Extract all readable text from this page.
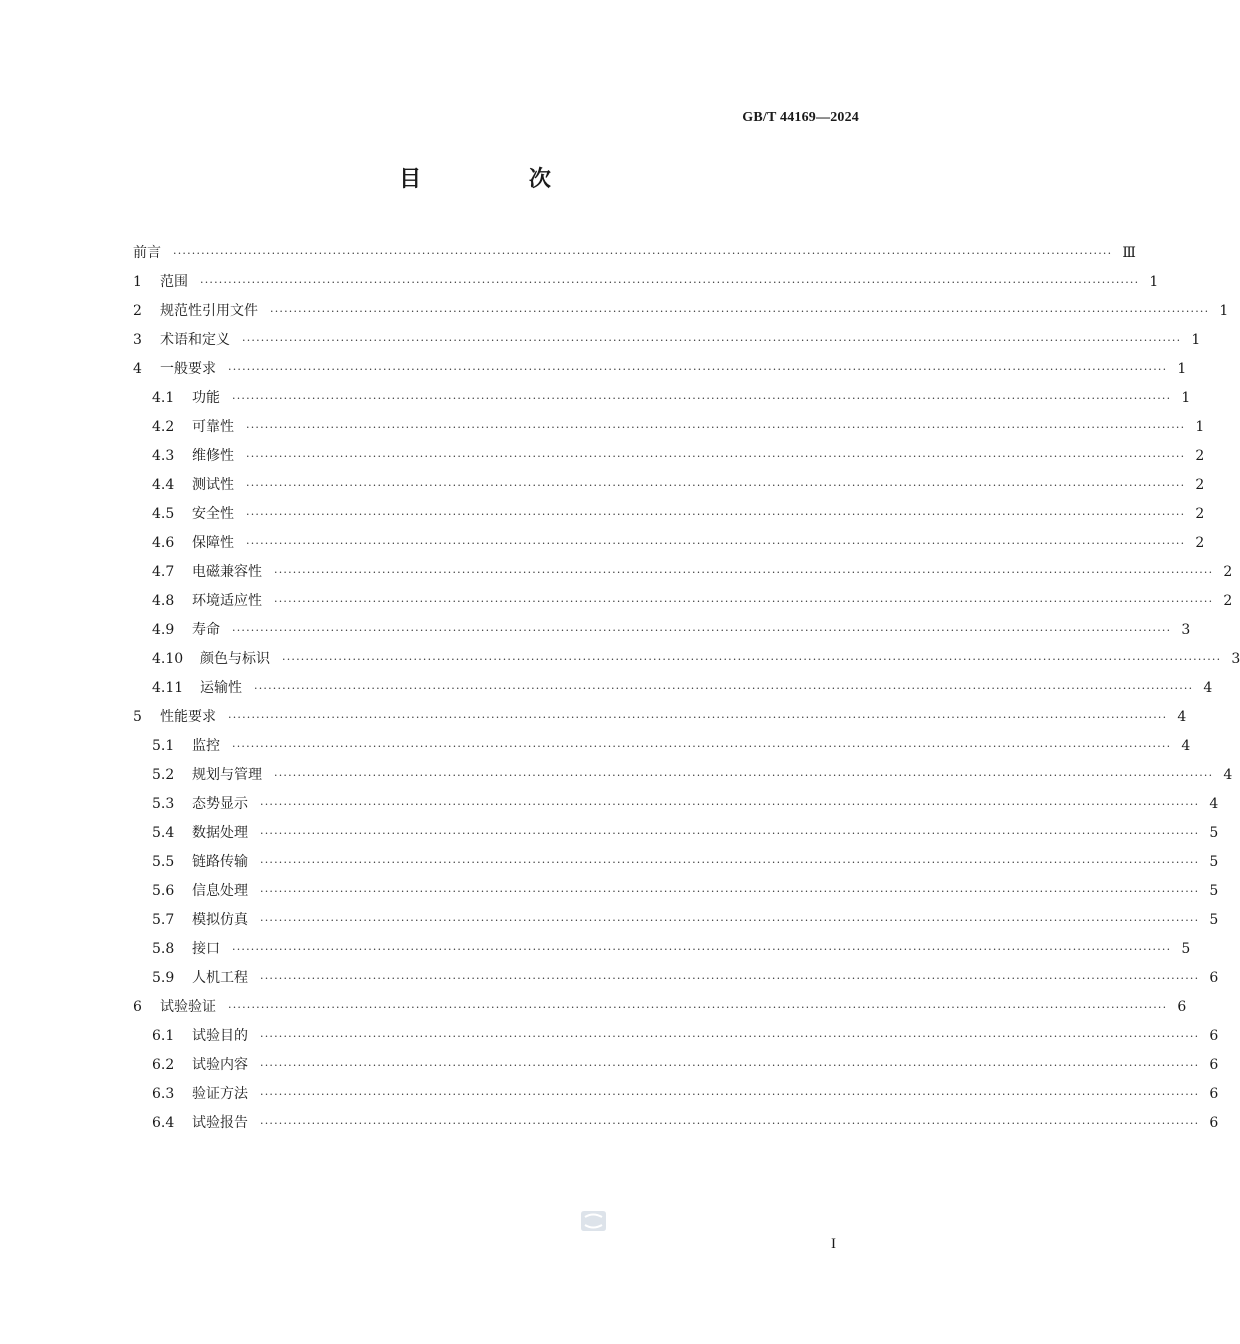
GB/T 44169—2024
目 次
前言	········································································································································································································ Ⅲ
1	范围	········································································································································································································ 1
2	规范性引用文件	········································································································································································································ 1
3	术语和定义	········································································································································································································ 1
4	一般要求	········································································································································································································ 1
4.1	功能	········································································································································································································ 1
4.2	可靠性	········································································································································································································ 1
4.3	维修性	········································································································································································································ 2
4.4	测试性	········································································································································································································ 2
4.5	安全性	········································································································································································································ 2
4.6	保障性	········································································································································································································ 2
4.7	电磁兼容性	········································································································································································································ 2
4.8	环境适应性	········································································································································································································ 2
4.9	寿命	········································································································································································································ 3
4.10	颜色与标识	········································································································································································································ 3
4.11	运输性	········································································································································································································ 4
5	性能要求	········································································································································································································ 4
5.1	监控	········································································································································································································ 4
5.2	规划与管理	········································································································································································································ 4
5.3	态势显示	········································································································································································································ 4
5.4	数据处理	········································································································································································································ 5
5.5	链路传输	········································································································································································································ 5
5.6	信息处理	········································································································································································································ 5
5.7	模拟仿真	········································································································································································································ 5
5.8	接口	········································································································································································································ 5
5.9	人机工程	········································································································································································································ 6
6	试验验证	········································································································································································································ 6
6.1	试验目的	········································································································································································································ 6
6.2	试验内容	········································································································································································································ 6
6.3	验证方法	········································································································································································································ 6
6.4	试验报告	········································································································································································································ 6
I
